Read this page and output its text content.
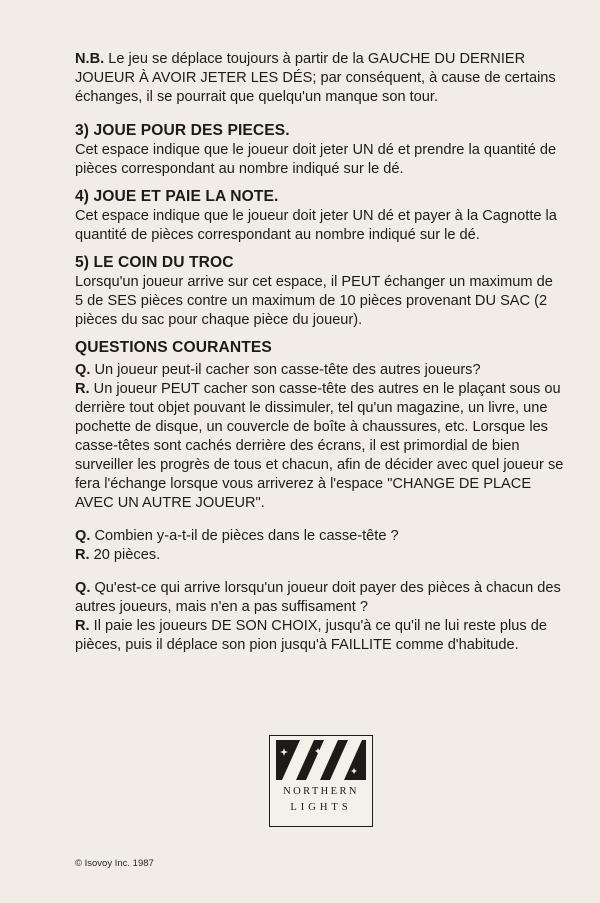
N.B. Le jeu se déplace toujours à partir de la GAUCHE DU DERNIER JOUEUR À AVOIR JETER LES DÉS; par conséquent, à cause de certains échanges, il se pourrait que quelqu'un manque son tour.

3) JOUE POUR DES PIECES.

Cet espace indique que le joueur doit jeter UN dé et prendre la quantité de pièces correspondant au nombre indiqué sur le dé.

4) JOUE ET PAIE LA NOTE.

Cet espace indique que le joueur doit jeter UN dé et payer à la Cagnotte la quantité de pièces correspondant au nombre indiqué sur le dé.

5) LE COIN DU TROC

Lorsqu'un joueur arrive sur cet espace, il PEUT échanger un maximum de 5 de SES pièces contre un maximum de 10 pièces provenant DU SAC (2 pièces du sac pour chaque pièce du joueur).

QUESTIONS COURANTES

Q. Un joueur peut-il cacher son casse-tête des autres joueurs?

R. Un joueur PEUT cacher son casse-tête des autres en le plaçant sous ou derrière tout objet pouvant le dissimuler, tel qu'un magazine, un livre, une pochette de disque, un couvercle de boîte à chaussures, etc. Lorsque les casse-têtes sont cachés derrière des écrans, il est primordial de bien surveiller les progrès de tous et chacun, afin de décider avec quel joueur se fera l'échange lorsque vous arriverez à l'espace "CHANGE DE PLACE AVEC UN AUTRE JOUEUR".

Q. Combien y-a-t-il de pièces dans le casse-tête ?

R. 20 pièces.

Q. Qu'est-ce qui arrive lorsqu'un joueur doit payer des pièces à chacun des autres joueurs, mais n'en a pas suffisament ?

R. Il paie les joueurs DE SON CHOIX, jusqu'à ce qu'il ne lui reste plus de pièces, puis il déplace son pion jusqu'à FAILLITE comme d'habitude.

NORTHERN
LIGHTS
© Isovoy Inc. 1987
